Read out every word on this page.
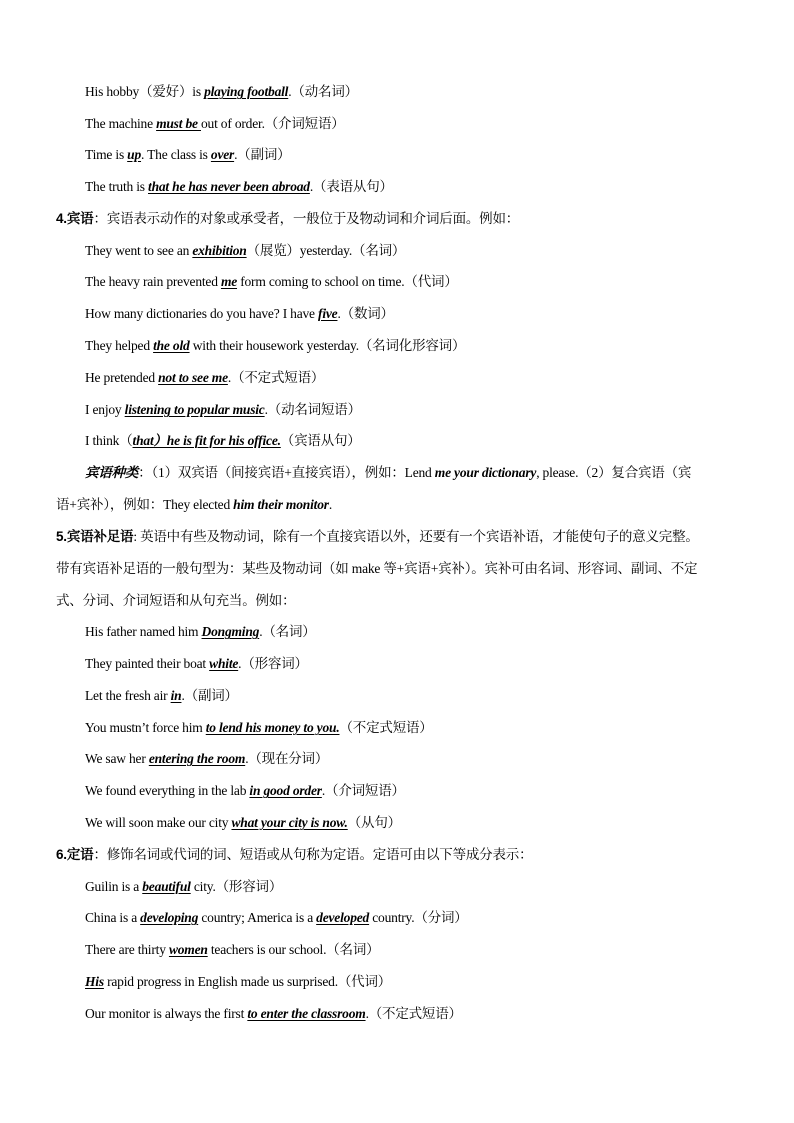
His hobby（爱好）is playing football.（动名词）
The machine must be out of order.（介词短语）
Time is up. The class is over.（副词）
The truth is that he has never been abroad.（表语从句）
4.宾语：宾语表示动作的对象或承受者，一般位于及物动词和介词后面。例如：
They went to see an exhibition（展览）yesterday.（名词）
The heavy rain prevented me form coming to school on time.（代词）
How many dictionaries do you have? I have five.（数词）
They helped the old with their housework yesterday.（名词化形容词）
He pretended not to see me.（不定式短语）
I enjoy listening to popular music.（动名词短语）
I think（that）he is fit for his office.（宾语从句）
宾语种类：（1）双宾语（间接宾语+直接宾语），例如：Lend me your dictionary, please.（2）复合宾语（宾
语+宾补），例如：They elected him their monitor.
5.宾语补足语: 英语中有些及物动词，除有一个直接宾语以外，还要有一个宾语补语，才能使句子的意义完整。
带有宾语补足语的一般句型为：某些及物动词（如 make 等+宾语+宾补）。宾补可由名词、形容词、副词、不定
式、分词、介词短语和从句充当。例如：
His father named him Dongming.（名词）
They painted their boat white.（形容词）
Let the fresh air in.（副词）
You mustn’t force him to lend his money to you.（不定式短语）
We saw her entering the room.（现在分词）
We found everything in the lab in good order.（介词短语）
We will soon make our city what your city is now.（从句）
6.定语：修饰名词或代词的词、短语或从句称为定语。定语可由以下等成分表示：
Guilin is a beautiful city.（形容词）
China is a developing country; America is a developed country.（分词）
There are thirty women teachers is our school.（名词）
His rapid progress in English made us surprised.（代词）
Our monitor is always the first to enter the classroom.（不定式短语）
